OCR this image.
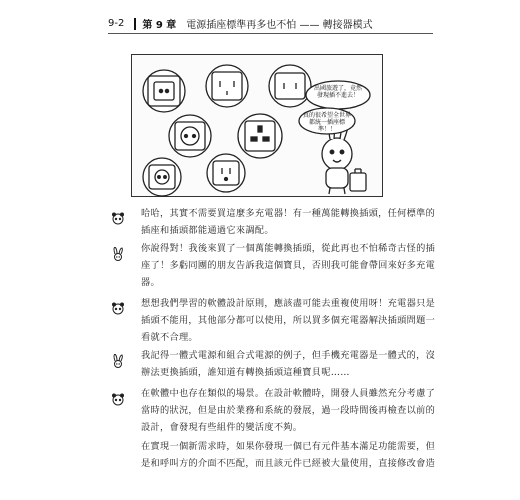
9-2 第 9 章 電源插座標準再多也不怕 —— 轉接器模式
出國旅遊了，竟然發現插不進去！
真的很希望全世界都統一插座標準！！

哈哈，其實不需要買這麼多充電器！有一種萬能轉換插頭，任何標準的插座和插頭都能通過它來調配。

你說得對！我後來買了一個萬能轉換插頭，從此再也不怕稀奇古怪的插座了！多虧同團的朋友告訴我這個寶貝，否則我可能會帶回來好多充電器。

想想我們學習的軟體設計原則，應該盡可能去重複使用呀！充電器只是插頭不能用，其他部分都可以使用，所以買多個充電器解決插頭問題一看就不合理。

我記得一體式電源和組合式電源的例子，但手機充電器是一體式的，沒辦法更換插頭，誰知道有轉換插頭這種寶貝呢……

在軟體中也存在類似的場景。在設計軟體時，開發人員雖然充分考慮了當時的狀況，但是由於業務和系統的發展，過一段時間後再檢查以前的設計，會發現有些組件的變活度不夠。

在實現一個新需求時，如果你發現一個已有元件基本滿足功能需要，但是和呼叫方的介面不匹配，而且該元件已經被大量使用，直接修改會造
